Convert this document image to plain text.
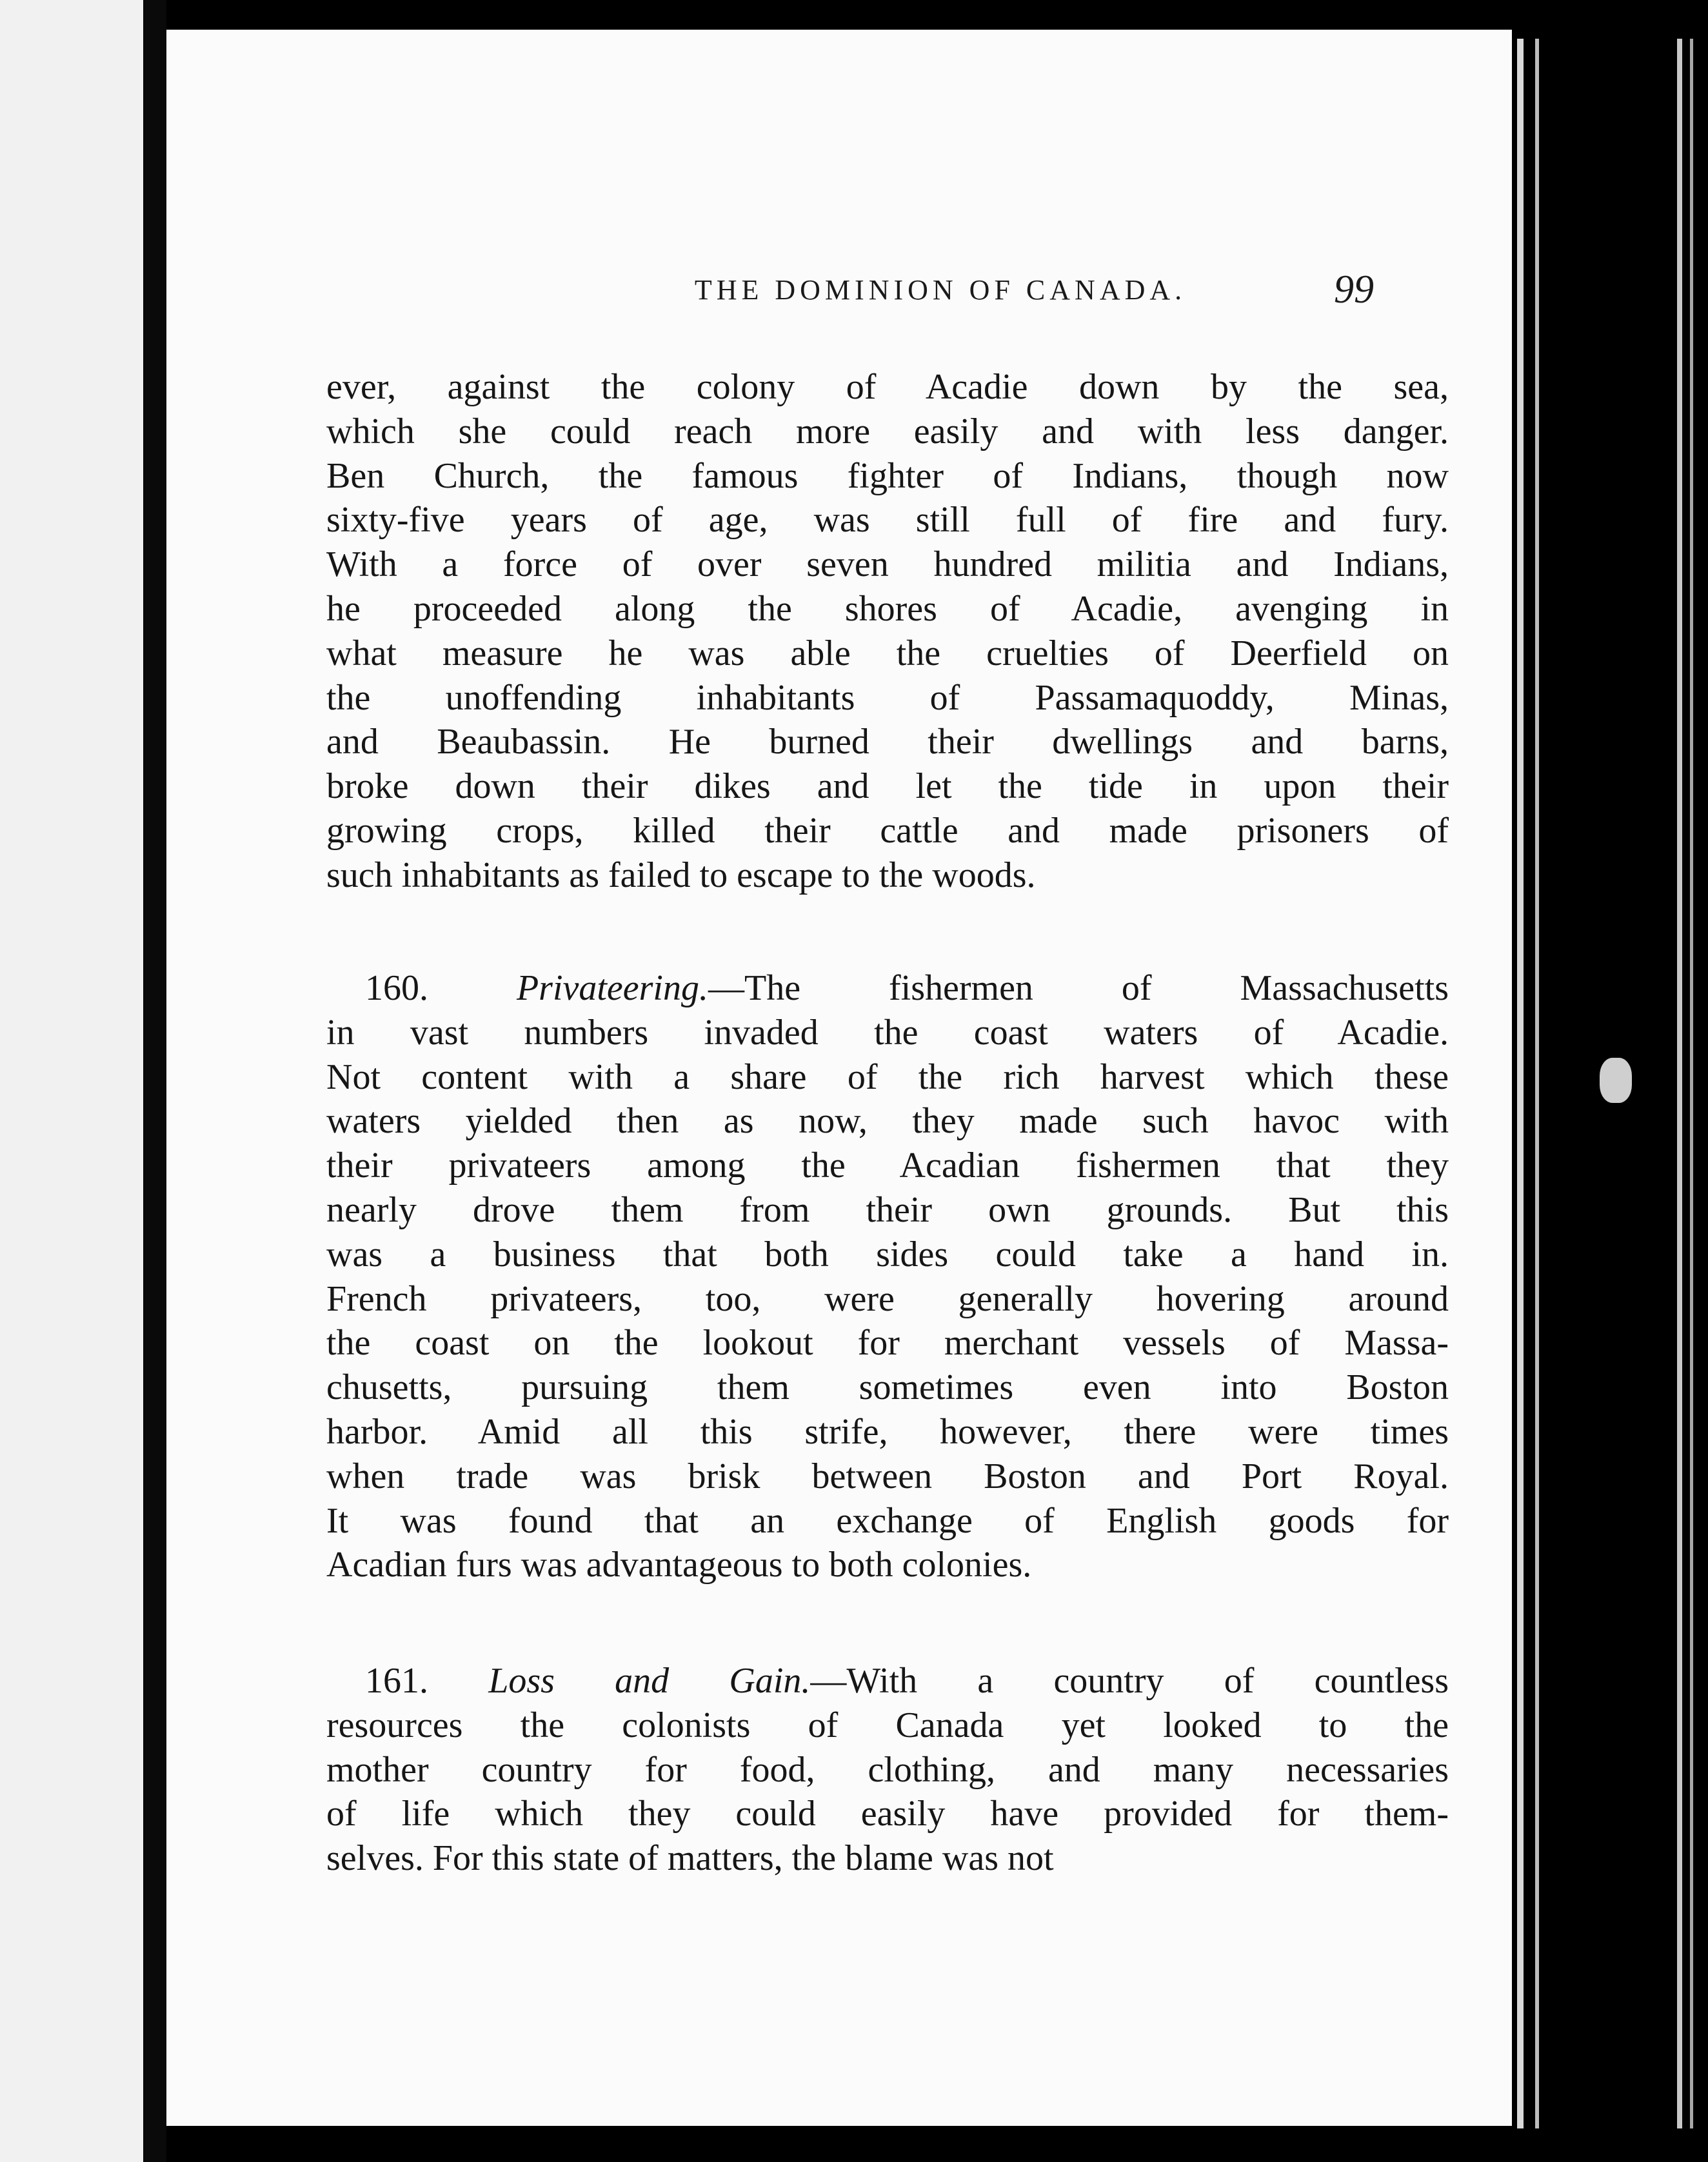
THE DOMINION OF CANADA.	99
ever, against the colony of Acadie down by the sea,
which she could reach more easily and with less danger.
Ben Church, the famous fighter of Indians, though now
sixty-five years of age, was still full of fire and fury.
With a force of over seven hundred militia and Indians,
he proceeded along the shores of Acadie, avenging in
what measure he was able the cruelties of Deerfield on
the unoffending inhabitants of Passamaquoddy, Minas,
and Beaubassin. He burned their dwellings and barns,
broke down their dikes and let the tide in upon their
growing crops, killed their cattle and made prisoners of
such inhabitants as failed to escape to the woods.
160. Privateering.—The fishermen of Massachusetts
in vast numbers invaded the coast waters of Acadie.
Not content with a share of the rich harvest which these
waters yielded then as now, they made such havoc with
their privateers among the Acadian fishermen that they
nearly drove them from their own grounds. But this
was a business that both sides could take a hand in.
French privateers, too, were generally hovering around
the coast on the lookout for merchant vessels of Massa-
chusetts, pursuing them sometimes even into Boston
harbor. Amid all this strife, however, there were times
when trade was brisk between Boston and Port Royal.
It was found that an exchange of English goods for
Acadian furs was advantageous to both colonies.
161. Loss and Gain.—With a country of countless
resources the colonists of Canada yet looked to the
mother country for food, clothing, and many necessaries
of life which they could easily have provided for them-
selves. For this state of matters, the blame was not
